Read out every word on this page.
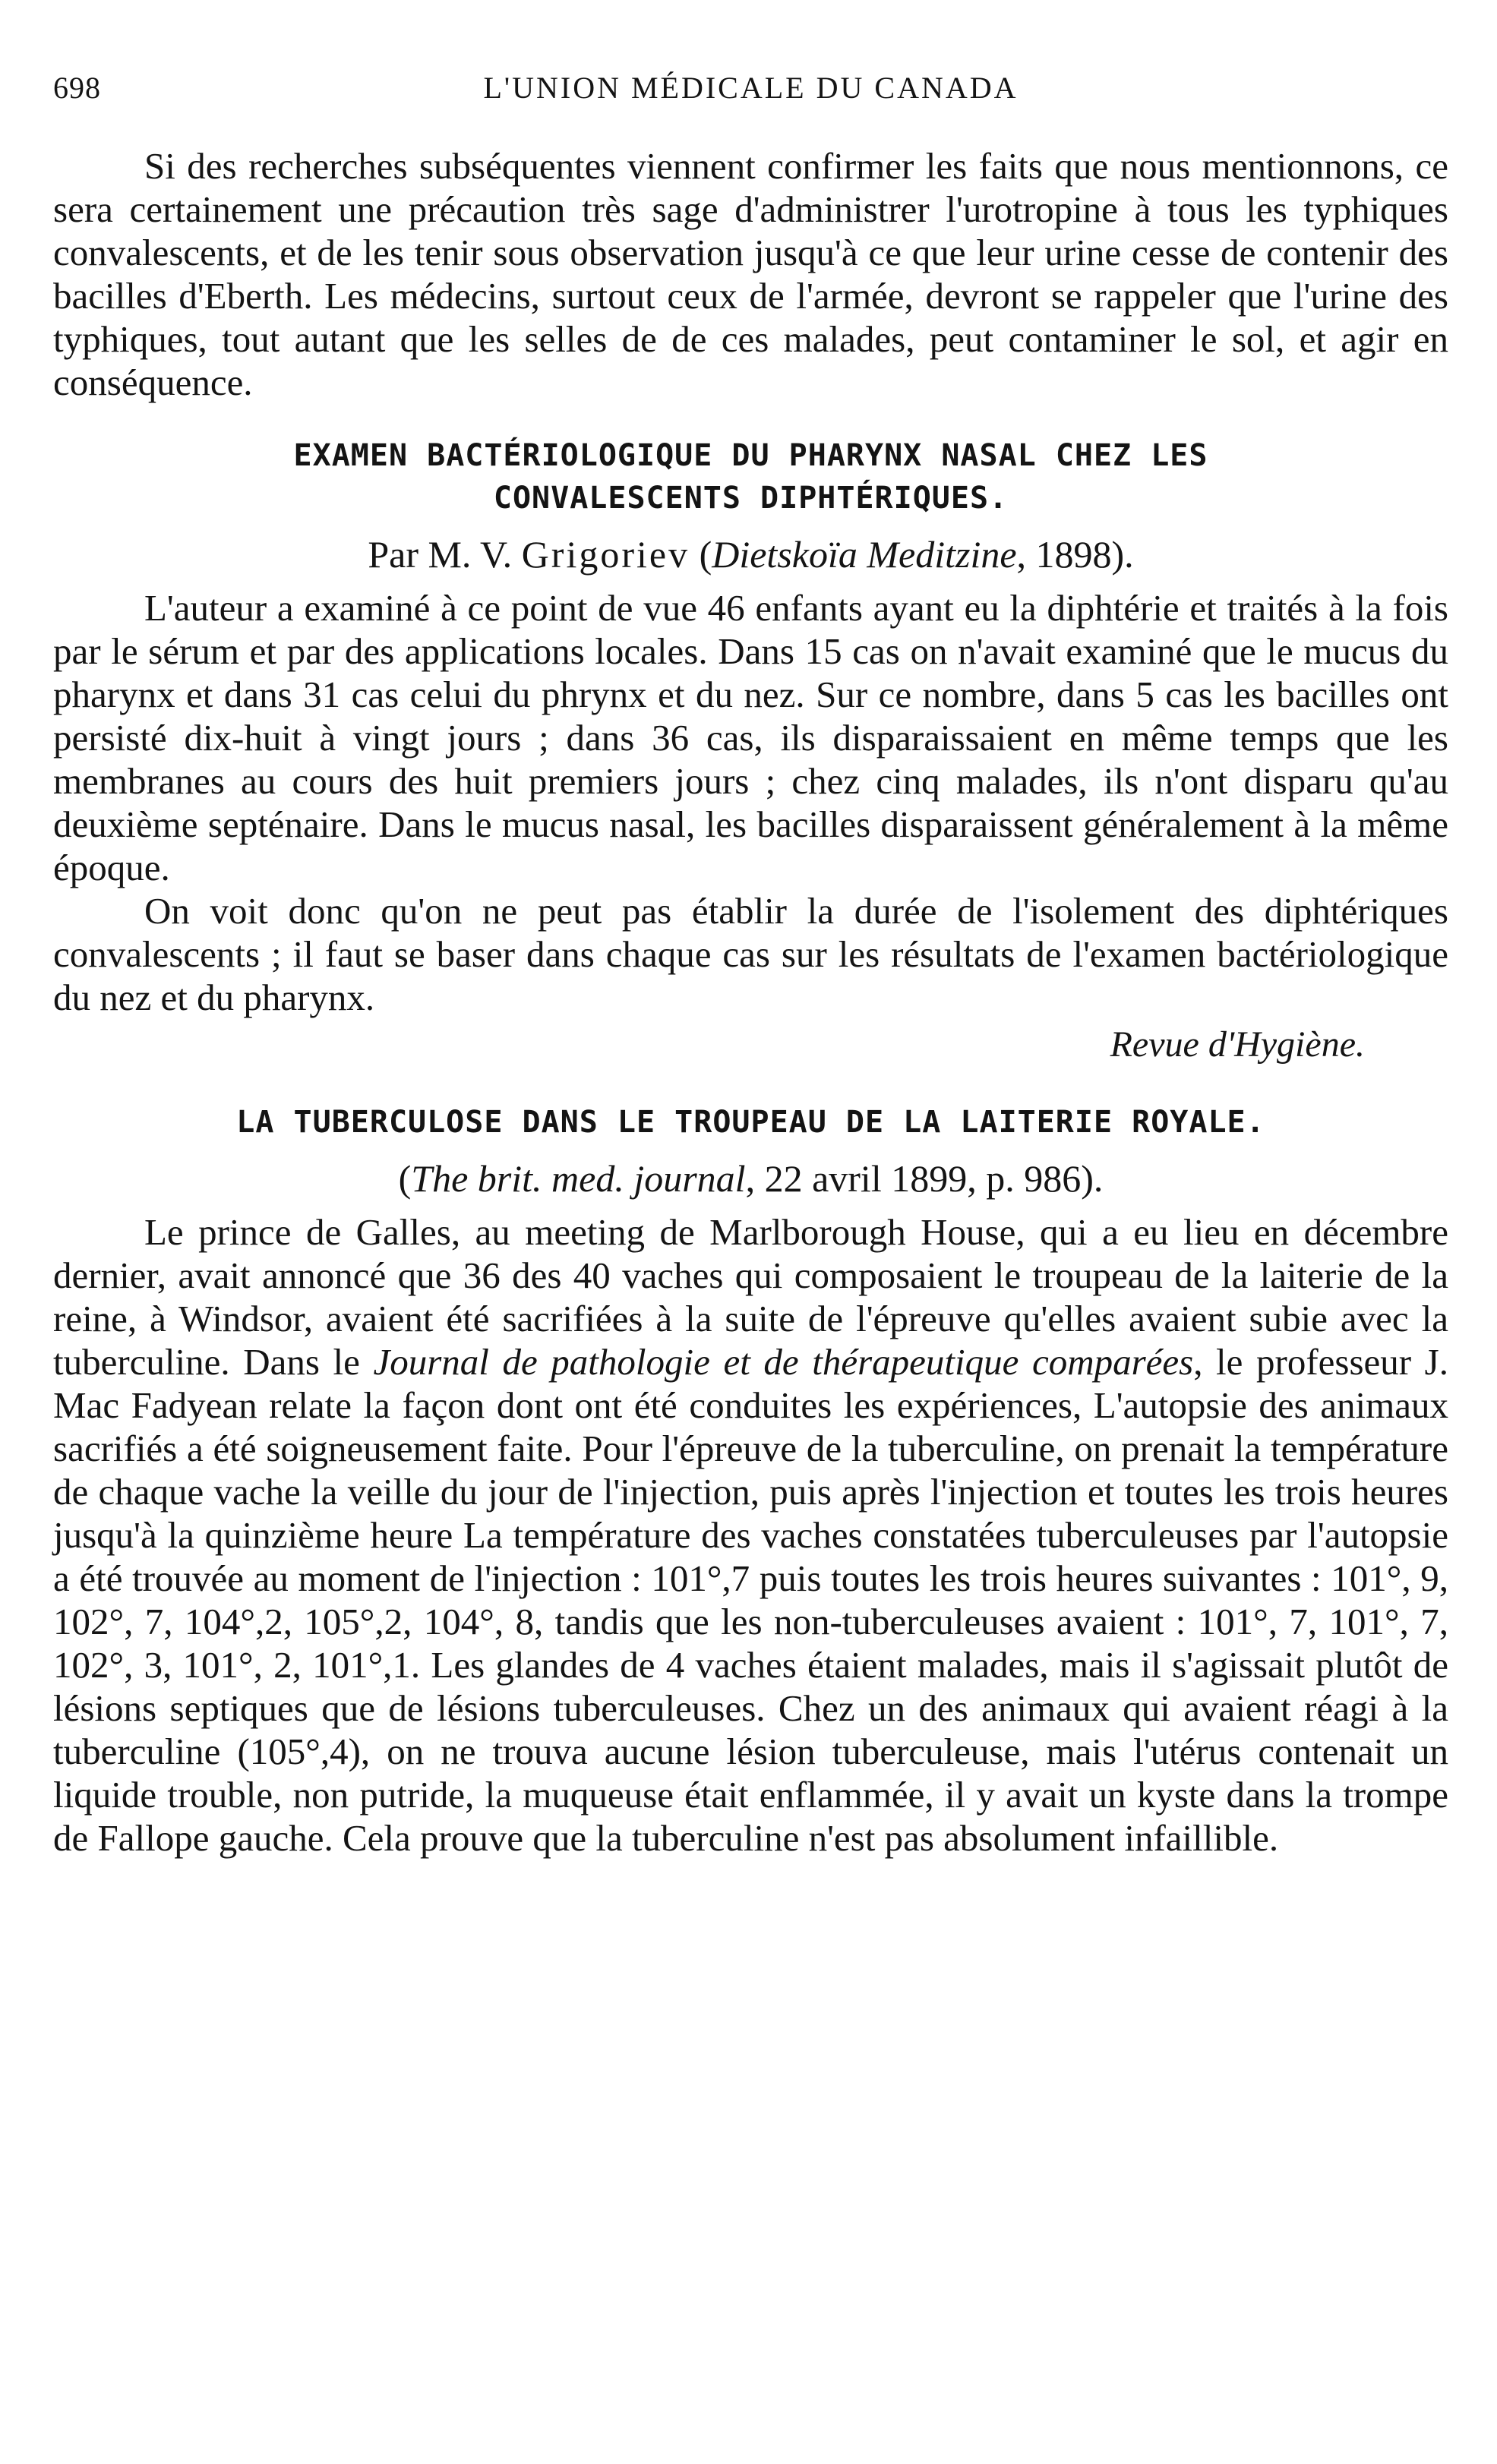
698	L'UNION MÉDICALE DU CANADA

Si des recherches subséquentes viennent confirmer les faits que nous mentionnons, ce sera certainement une précaution très sage d'administrer l'urotropine à tous les typhiques convalescents, et de les tenir sous observation jusqu'à ce que leur urine cesse de contenir des bacilles d'Eberth. Les médecins, surtout ceux de l'armée, devront se rappeler que l'urine des typhiques, tout autant que les selles de de ces malades, peut contaminer le sol, et agir en conséquence.

EXAMEN BACTÉRIOLOGIQUE DU PHARYNX NASAL CHEZ LES

CONVALESCENTS DIPHTÉRIQUES.

Par M. V. Grigoriev (Dietskoïa Meditzine, 1898).

L'auteur a examiné à ce point de vue 46 enfants ayant eu la diphtérie et traités à la fois par le sérum et par des applications locales. Dans 15 cas on n'avait examiné que le mucus du pharynx et dans 31 cas celui du phrynx et du nez. Sur ce nombre, dans 5 cas les bacilles ont persisté dix-huit à vingt jours ; dans 36 cas, ils disparaissaient en même temps que les membranes au cours des huit premiers jours ; chez cinq malades, ils n'ont disparu qu'au deuxième septénaire. Dans le mucus nasal, les bacilles disparaissent généralement à la même époque.

On voit donc qu'on ne peut pas établir la durée de l'isolement des diphtériques convalescents ; il faut se baser dans chaque cas sur les résultats de l'examen bactériologique du nez et du pharynx.

Revue d'Hygiène.

LA TUBERCULOSE DANS LE TROUPEAU DE LA LAITERIE ROYALE.

(The brit. med. journal, 22 avril 1899, p. 986).

Le prince de Galles, au meeting de Marlborough House, qui a eu lieu en décembre dernier, avait annoncé que 36 des 40 vaches qui composaient le troupeau de la laiterie de la reine, à Windsor, avaient été sacrifiées à la suite de l'épreuve qu'elles avaient subie avec la tuberculine. Dans le Journal de pathologie et de thérapeutique comparées, le professeur J. Mac Fadyean relate la façon dont ont été conduites les expériences, L'autopsie des animaux sacrifiés a été soigneusement faite. Pour l'épreuve de la tuberculine, on prenait la température de chaque vache la veille du jour de l'injection, puis après l'injection et toutes les trois heures jusqu'à la quinzième heure La température des vaches constatées tuberculeuses par l'autopsie a été trouvée au moment de l'injection : 101°,7 puis toutes les trois heures suivantes : 101°, 9, 102°, 7, 104°,2, 105°,2, 104°, 8, tandis que les non-tuberculeuses avaient : 101°, 7, 101°, 7, 102°, 3, 101°, 2, 101°,1. Les glandes de 4 vaches étaient malades, mais il s'agissait plutôt de lésions septiques que de lésions tuberculeuses. Chez un des animaux qui avaient réagi à la tuberculine (105°,4), on ne trouva aucune lésion tuberculeuse, mais l'utérus contenait un liquide trouble, non putride, la muqueuse était enflammée, il y avait un kyste dans la trompe de Fallope gauche. Cela prouve que la tuberculine n'est pas absolument infaillible.
